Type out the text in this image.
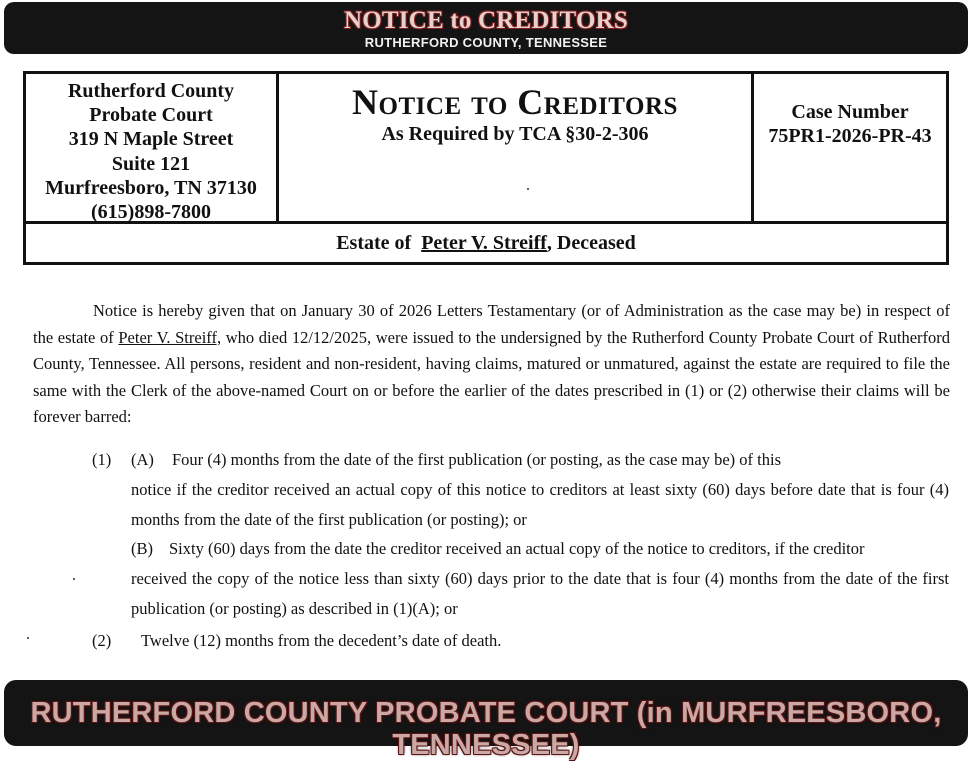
NOTICE to CREDITORS
RUTHERFORD COUNTY, TENNESSEE
Rutherford County
Probate Court
319 N Maple Street
Suite 121
Murfreesboro, TN 37130
(615)898-7800
Notice to Creditors
As Required by TCA §30-2-306
Case Number
75PR1-2026-PR-43
Estate of Peter V. Streiff, Deceased

Notice is hereby given that on January 30 of 2026 Letters Testamentary (or of Administration as the case may be) in respect of the estate of Peter V. Streiff, who died 12/12/2025, were issued to the undersigned by the Rutherford County Probate Court of Rutherford County, Tennessee. All persons, resident and non-resident, having claims, matured or unmatured, against the estate are required to file the same with the Clerk of the above-named Court on or before the earlier of the dates prescribed in (1) or (2) otherwise their claims will be forever barred:

(1) (A) Four (4) months from the date of the first publication (or posting, as the case may be) of this

notice if the creditor received an actual copy of this notice to creditors at least sixty (60) days before date that is four (4) months from the date of the first publication (or posting); or

(B) Sixty (60) days from the date the creditor received an actual copy of the notice to creditors, if the creditor

received the copy of the notice less than sixty (60) days prior to the date that is four (4) months from the date of the first publication (or posting) as described in (1)(A); or

(2) Twelve (12) months from the decedent’s date of death.
RUTHERFORD COUNTY PROBATE COURT (in MURFREESBORO, TENNESSEE)
